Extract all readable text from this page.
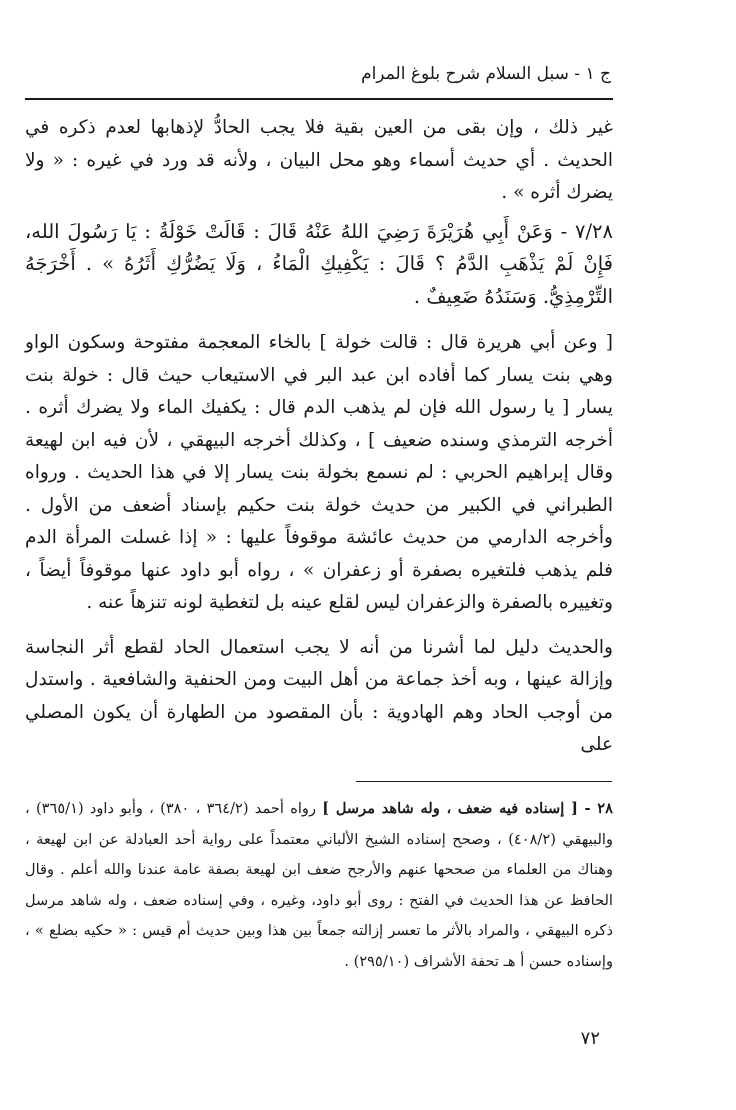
ج ١ - سبل السلام شرح بلوغ المرام

غير ذلك ، وإن بقى من العين بقية فلا يجب الحادُّ لإذهابها لعدم ذكره في الحديث . أي حديث أسماء وهو محل البيان ، ولأنه قد ورد في غيره : « ولا يضرك أثره » .

٧/٢٨ - وَعَنْ أَبِي هُرَيْرَةَ رَضِيَ اللهُ عَنْهُ قَالَ : قَالَتْ خَوْلَةُ : يَا رَسُولَ الله، فَإِنْ لَمْ يَذْهَبِ الدَّمُ ؟ قَالَ : يَكْفِيكِ الْمَاءُ ، وَلَا يَضُرُّكِ أَثَرُهُ » . أَخْرَجَهُ التِّرْمِذِيُّ. وَسَنَدُهُ ضَعِيفٌ .

[ وعن أبي هريرة قال : قالت خولة ] بالخاء المعجمة مفتوحة وسكون الواو وهي بنت يسار كما أفاده ابن عبد البر في الاستيعاب حيث قال : خولة بنت يسار [ يا رسول الله فإن لم يذهب الدم قال : يكفيك الماء ولا يضرك أثره . أخرجه الترمذي وسنده ضعيف ] ، وكذلك أخرجه البيهقي ، لأن فيه ابن لهيعة وقال إبراهيم الحربي : لم نسمع بخولة بنت يسار إلا في هذا الحديث . ورواه الطبراني في الكبير من حديث خولة بنت حكيم بإسناد أضعف من الأول . وأخرجه الدارمي من حديث عائشة موقوفاً عليها : « إذا غسلت المرأة الدم فلم يذهب فلتغيره بصفرة أو زعفران » ، رواه أبو داود عنها موقوفاً أيضاً ، وتغييره بالصفرة والزعفران ليس لقلع عينه بل لتغطية لونه تنزهاً عنه .

والحديث دليل لما أشرنا من أنه لا يجب استعمال الحاد لقطع أثر النجاسة وإزالة عينها ، وبه أخذ جماعة من أهل البيت ومن الحنفية والشافعية . واستدل من أوجب الحاد وهم الهادوية : بأن المقصود من الطهارة أن يكون المصلي على

٢٨ - [ إسناده فيه ضعف ، وله شاهد مرسل ] رواه أحمد (٣٦٤/٢ ، ٣٨٠) ، وأبو داود (٣٦٥/١) ، والبيهقي (٤٠٨/٢) ، وصحح إسناده الشيخ الألباني معتمداً على رواية أحد العبادلة عن ابن لهيعة ، وهناك من العلماء من صححها عنهم والأرجح ضعف ابن لهيعة بصفة عامة عندنا والله أعلم . وقال الحافظ عن هذا الحديث في الفتح : روى أبو داود، وغيره ، وفي إسناده ضعف ، وله شاهد مرسل ذكره البيهقي ، والمراد بالأثر ما تعسر إزالته جمعاً بين هذا وبين حديث أم قيس : « حكيه بضلع » ، وإسناده حسن أ هـ تحفة الأشراف (٢٩٥/١٠) .

٧٢
